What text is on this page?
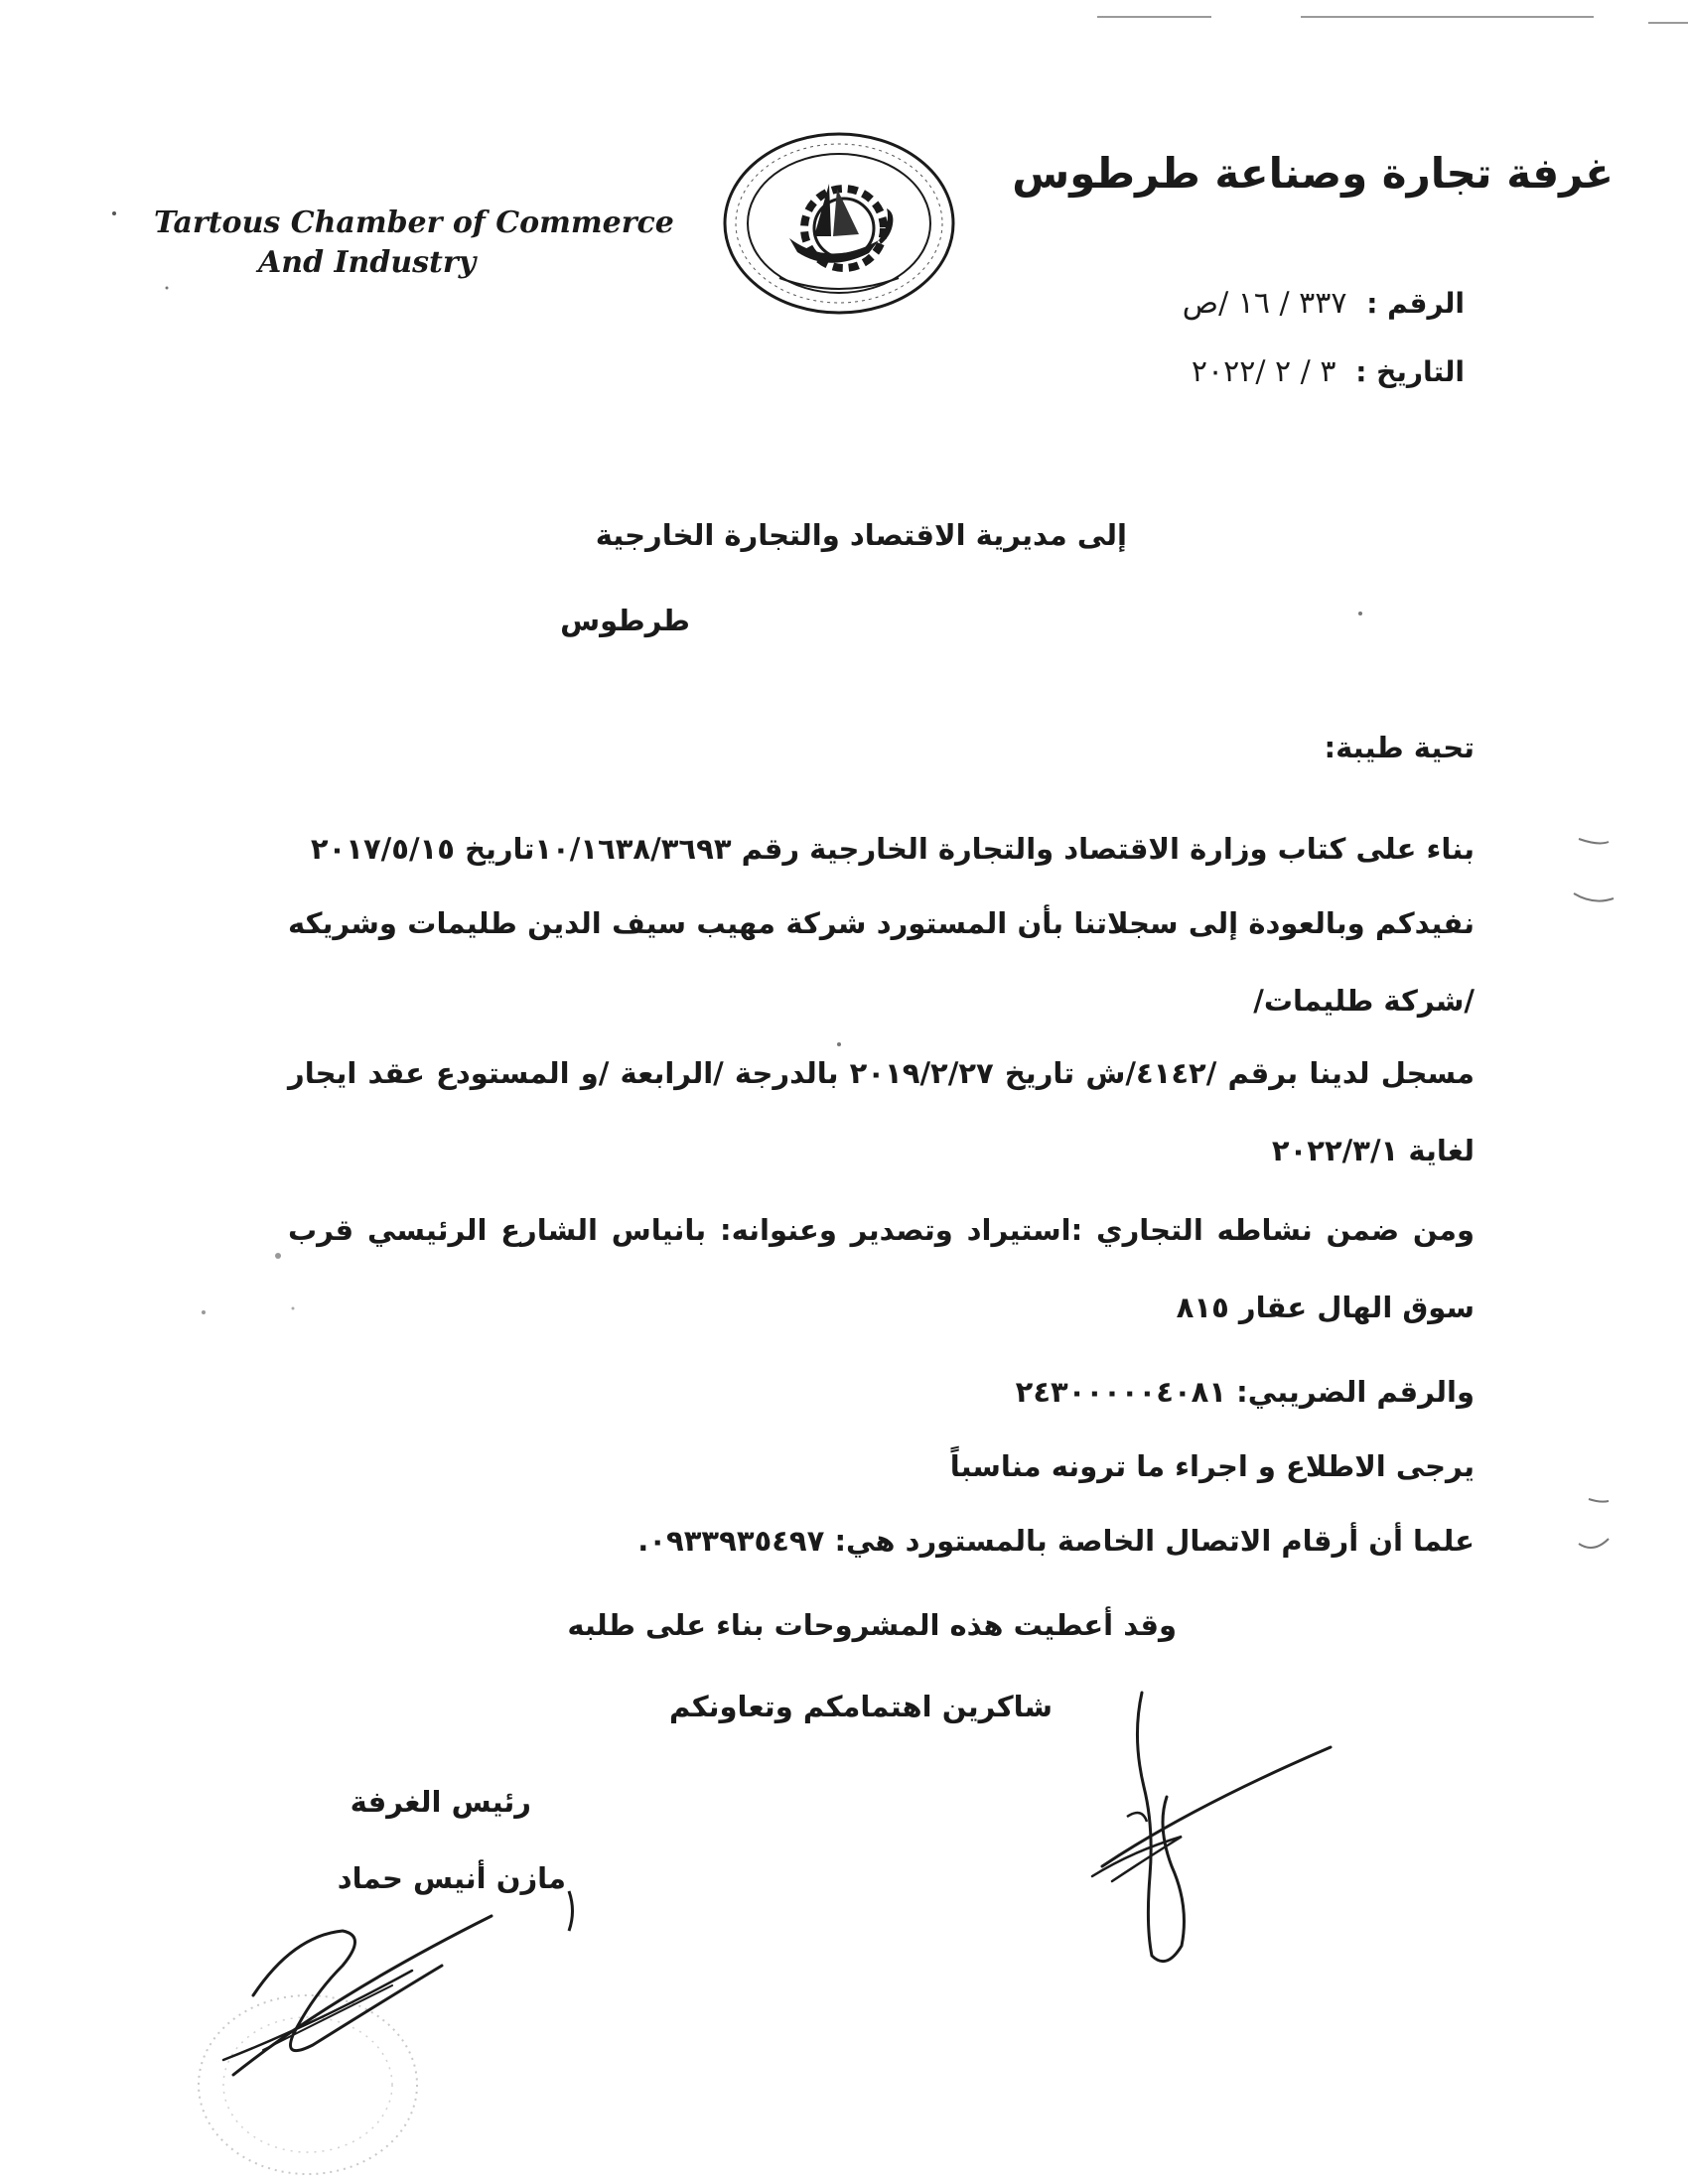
غرفة تجارة وصناعة طرطوس
Tartous Chamber of Commerce
And Industry
الرقم : ٣٣٧ / ١٦ /ص
التاريخ : ٣ / ٢ /٢٠٢٢
إلى مديرية الاقتصاد والتجارة الخارجية
طرطوس
تحية طيبة:
بناء على كتاب وزارة الاقتصاد والتجارة الخارجية رقم ١٠/١٦٣٨/٣٦٩٣تاريخ ٢٠١٧/٥/١٥
نفيدكم وبالعودة إلى سجلاتنا بأن المستورد شركة مهيب سيف الدين طليمات وشريكه /شركة طليمات/
مسجل لدينا برقم /٤١٤٢/ش تاريخ ٢٠١٩/٢/٢٧ بالدرجة /الرابعة /و المستودع عقد ايجار لغاية ٢٠٢٢/٣/١
ومن ضمن نشاطه التجاري :استيراد وتصدير وعنوانه: بانياس الشارع الرئيسي قرب سوق الهال عقار ٨١٥
والرقم الضريبي: ٢٤٣٠٠٠٠٠٤٠٨١
يرجى الاطلاع و اجراء ما ترونه مناسباً
علما أن أرقام الاتصال الخاصة بالمستورد هي: ٠٩٣٣٩٣٥٤٩٧.
وقد أعطيت هذه المشروحات بناء على طلبه
شاكرين اهتمامكم وتعاونكم
رئيس الغرفة
مازن أنيس حماد
